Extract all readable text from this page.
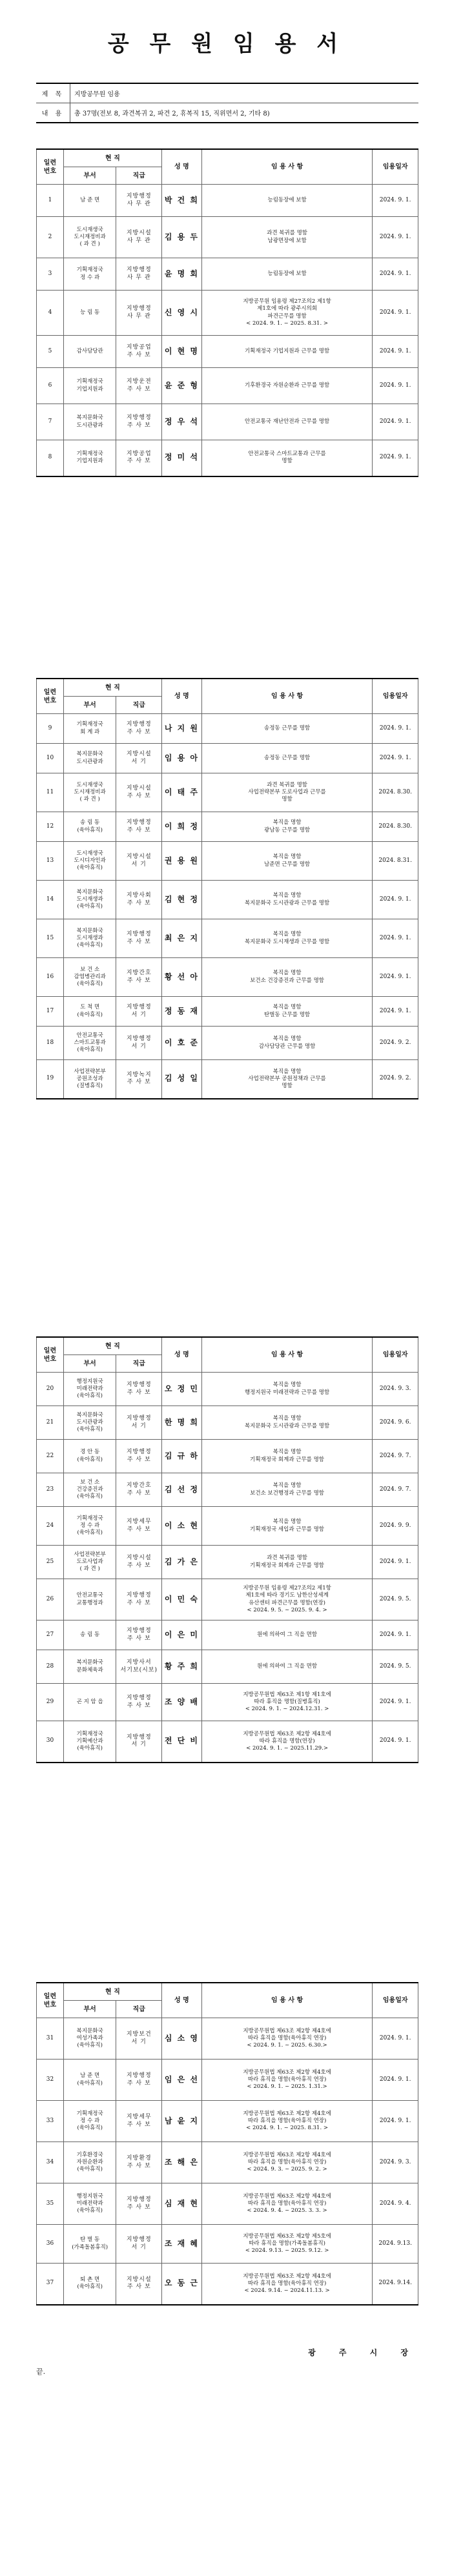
공 무 원 임 용 서
제 목	지방공무원 임용
내 용	총 37명(전보 8, 과견복귀 2, 파견 2, 휴복직 15, 직위면서 2, 기타 8)
일련
번호	현 직		성 명	임 용 사 항	임용일자
	부서	직급			
1	남 준 면	지방행정
사 무 관	박 건 희	능림동장에 보함	2024. 9. 1.
2	도시재생국
도시재정비과
( 과 견 )	지방시설
사 무 관	김 용 두	과견 복귀를 명함
남광면장에 보함	2024. 9. 1.
3	기획재정국
정 수 과	지방행정
사 무 관	윤 명 회	능림동장에 보함	2024. 9. 1.
4	능 림 동	지방행정
사 무 관	신 영 시	지방공무원 임용령 제27조의2 제1항
제1호에 따라 광주시의회
파견근무를 명함
< 2024. 9. 1. ~ 2025. 8.31. >	2024. 9. 1.
5	감사담당관	지방공업
주 사 보	이 현 명	기획재정국 기업지원과 근무를 명함	2024. 9. 1.
6	기획재정국
기업지원과	지방운전
주 사 보	윤 준 형	기후환경국 자원순환과 근무를 명함	2024. 9. 1.
7	복지문화국
도시관광과	지방행정
주 사 보	정 우 석	안전교통국 재난안전과 근무를 명함	2024. 9. 1.
8	기획재정국
기업지원과	지방공업
주 사 보	정 미 석	안전교통국 스마트교통과 근무를
명함	2024. 9. 1.
일련
번호	현 직		성 명	임 용 사 항	임용일자
	부서	직급			
9	기획재정국
회 계 과	지방행정
주 사 보	나 지 원	송정동 근무를 명함	2024. 9. 1.
10	복지문화국
도시관광과	지방시설
서 기	임 용 아	송정동 근무를 명함	2024. 9. 1.
11	도시재생국
도시재정비과
( 과 견 )	지방시설
주 사 보	이 태 주	과견 복귀를 명함
사업전략본부 도로사업과 근무를
명함	2024. 8.30.
12	송 림 동
(육아휴직)	지방행정
주 사 보	이 희 정	복직을 명함
광남동 근무를 명함	2024. 8.30.
13	도시재생국
도시디자인과
(육아휴직)	지방시설
서 기	권 용 원	복직을 명함
남준면 근무를 명함	2024. 8.31.
14	복지문화국
도시재생과
(육아휴직)	지방사회
주 사 보	김 현 정	복직을 명함
복지문화국 도시관광과 근무를 명함	2024. 9. 1.
15	복지문화국
도시재생과
(육아휴직)	지방행정
주 사 보	최 은 지	복직을 명함
복지문화국 도시재생과 근무를 명함	2024. 9. 1.
16	보 건 소
감염병관리과
(육아휴직)	지방간호
주 사 보	황 선 아	복직을 명함
보건소 건강증진과 근무를 명함	2024. 9. 1.
17	도 척 면
(육아휴직)	지방행정
서 기	정 동 재	복직을 명함
탄벌동 근무를 명함	2024. 9. 1.
18	안전교통국
스마트교통과
(육아휴직)	지방행정
서 기	이 호 준	복직을 명함
감사담당관 근무를 명함	2024. 9. 2.
19	사업전략본부
공원조성과
(질병휴직)	지방녹지
주 사 보	김 성 일	복직을 명함
사업전략본부 공원정책과 근무를
명함	2024. 9. 2.
일련
번호	현 직		성 명	임 용 사 항	임용일자
	부서	직급			
20	행정지원국
미래전략과
(육아휴직)	지방행정
주 사 보	오 정 민	복직을 명함
행정지원국 미래전략과 근무를 명함	2024. 9. 3.
21	복지문화국
도시관광과
(육아휴직)	지방행정
서 기	한 명 희	복직을 명함
복지문화국 도시관광과 근무를 명함	2024. 9. 6.
22	경 안 동
(육아휴직)	지방행정
주 사 보	김 규 하	복직을 명함
기획재정국 회계과 근무를 명함	2024. 9. 7.
23	보 건 소
건강증진과
(육아휴직)	지방간호
주 사 보	김 선 정	복직을 명함
보건소 보건행정과 근무를 명함	2024. 9. 7.
24	기획재정국
정 수 과
(육아휴직)	지방세무
주 사 보	이 소 현	복직을 명함
기획재정국 세입과 근무를 명함	2024. 9. 9.
25	사업전략본부
도로사업과
( 과 견 )	지방시설
주 사 보	김 가 은	과견 복귀를 명함
기획재정국 회계과 근무를 명함	2024. 9. 1.
26	안전교통국
교통행정과	지방행정
주 사 보	이 민 숙	지방공무원 임용령 제27조의2 제1항
제1호에 따라 경기도 남한산성세계
유산센터 파견근무를 명함(연장)
< 2024. 9. 5. ~ 2025. 9. 4. >	2024. 9. 5.
27	송 림 동	지방행정
주 사 보	이 은 미	원에 의하여 그 직을 면함	2024. 9. 1.
28	복지문화국
문화체육과	지방사서
서기보(시보)	황 주 희	원에 의하여 그 직을 면함	2024. 9. 5.
29	곤 지 암 읍	지방행정
주 사 보	조 양 배	지방공무원법 제63조 제1항 제1호에
따라 휴직을 명함(질병휴직)
< 2024. 9. 1. ~ 2024.12.31. >	2024. 9. 1.
30	기획재정국
기획예산과
(육아휴직)	지방행정
서 기	전 단 비	지방공무원법 제63조 제2항 제4호에
따라 휴직을 명함(연장)
< 2024. 9. 1. ~ 2025.11.29.>	2024. 9. 1.
일련
번호	현 직		성 명	임 용 사 항	임용일자
	부서	직급			
31	복지문화국
여성가족과
(육아휴직)	지방보건
서 기	심 소 영	지방공무원법 제63조 제2항 제4호에
따라 휴직을 명함(육아휴직 연장)
< 2024. 9. 1. ~ 2025. 6.30.>	2024. 9. 1.
32	남 준 면
(육아휴직)	지방행정
주 사 보	임 은 선	지방공무원법 제63조 제2항 제4호에
따라 휴직을 명함(육아휴직 연장)
< 2024. 9. 1. ~ 2025. 1.31.>	2024. 9. 1.
33	기획재정국
정 수 과
(육아휴직)	지방세무
주 사 보	남 윤 지	지방공무원법 제63조 제2항 제4호에
따라 휴직을 명함(육아휴직 연장)
< 2024. 9. 1. ~ 2025. 8.31. >	2024. 9. 1.
34	기후환경국
자원순환과
(육아휴직)	지방환경
주 사 보	조 해 은	지방공무원법 제63조 제2항 제4호에
따라 휴직을 명함(육아휴직 연장)
< 2024. 9. 3. ~ 2025. 9. 2. >	2024. 9. 3.
35	행정지원국
미래전략과
(육아휴직)	지방행정
주 사 보	심 재 현	지방공무원법 제63조 제2항 제4호에
따라 휴직을 명함(육아휴직 연장)
< 2024. 9. 4. ~ 2025. 3. 3. >	2024. 9. 4.
36	탄 벌 동
(가족돌봄휴직)	지방행정
서 기	조 재 혜	지방공무원법 제63조 제2항 제5호에
따라 휴직을 명함(가족돌봄휴직)
< 2024. 9.13. ~ 2025. 9.12. >	2024. 9.13.
37	퇴 촌 면
(육아휴직)	지방시설
주 사 보	오 동 근	지방공무원법 제63조 제2항 제4호에
따라 휴직을 명함(육아휴직 연장)
< 2024. 9.14. ~ 2024.11.13. >	2024. 9.14.
광 주 시 장
끝.
